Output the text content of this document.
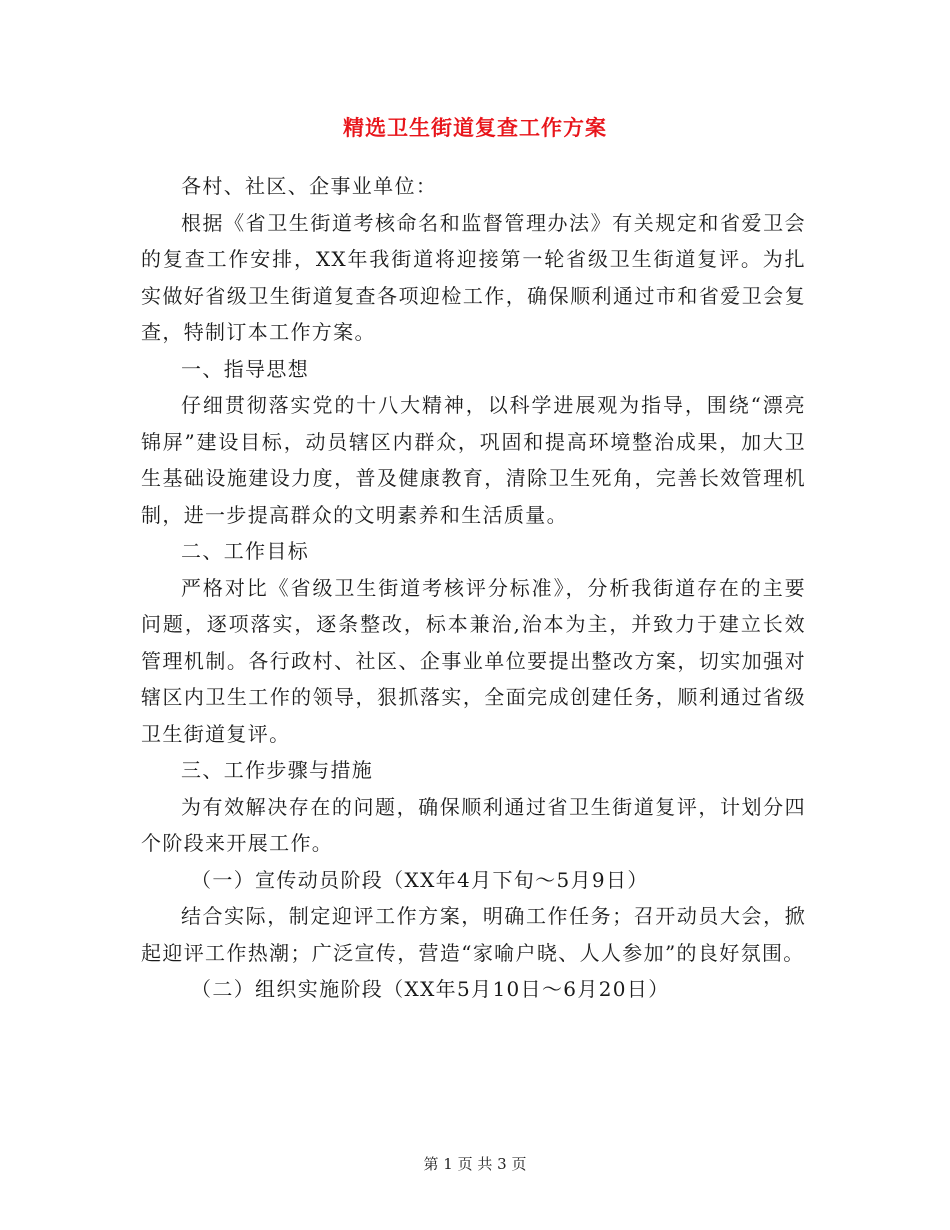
精选卫生街道复查工作方案

各村、社区、企事业单位：

根据《省卫生街道考核命名和监督管理办法》有关规定和省爱卫会的复查工作安排，XX年我街道将迎接第一轮省级卫生街道复评。为扎实做好省级卫生街道复查各项迎检工作，确保顺利通过市和省爱卫会复查，特制订本工作方案。

一、指导思想

仔细贯彻落实党的十八大精神，以科学进展观为指导，围绕“漂亮锦屏”建设目标，动员辖区内群众，巩固和提高环境整治成果，加大卫生基础设施建设力度，普及健康教育，清除卫生死角，完善长效管理机制，进一步提高群众的文明素养和生活质量。

二、工作目标

严格对比《省级卫生街道考核评分标准》，分析我街道存在的主要问题，逐项落实，逐条整改，标本兼治,治本为主，并致力于建立长效管理机制。各行政村、社区、企事业单位要提出整改方案，切实加强对辖区内卫生工作的领导，狠抓落实，全面完成创建任务，顺利通过省级卫生街道复评。

三、工作步骤与措施

为有效解决存在的问题，确保顺利通过省卫生街道复评，计划分四个阶段来开展工作。

（一）宣传动员阶段（XX年4月下旬～5月9日）

结合实际，制定迎评工作方案，明确工作任务；召开动员大会，掀起迎评工作热潮；广泛宣传，营造“家喻户晓、人人参加”的良好氛围。

（二）组织实施阶段（XX年5月10日～6月20日）

第 1 页 共 3 页
